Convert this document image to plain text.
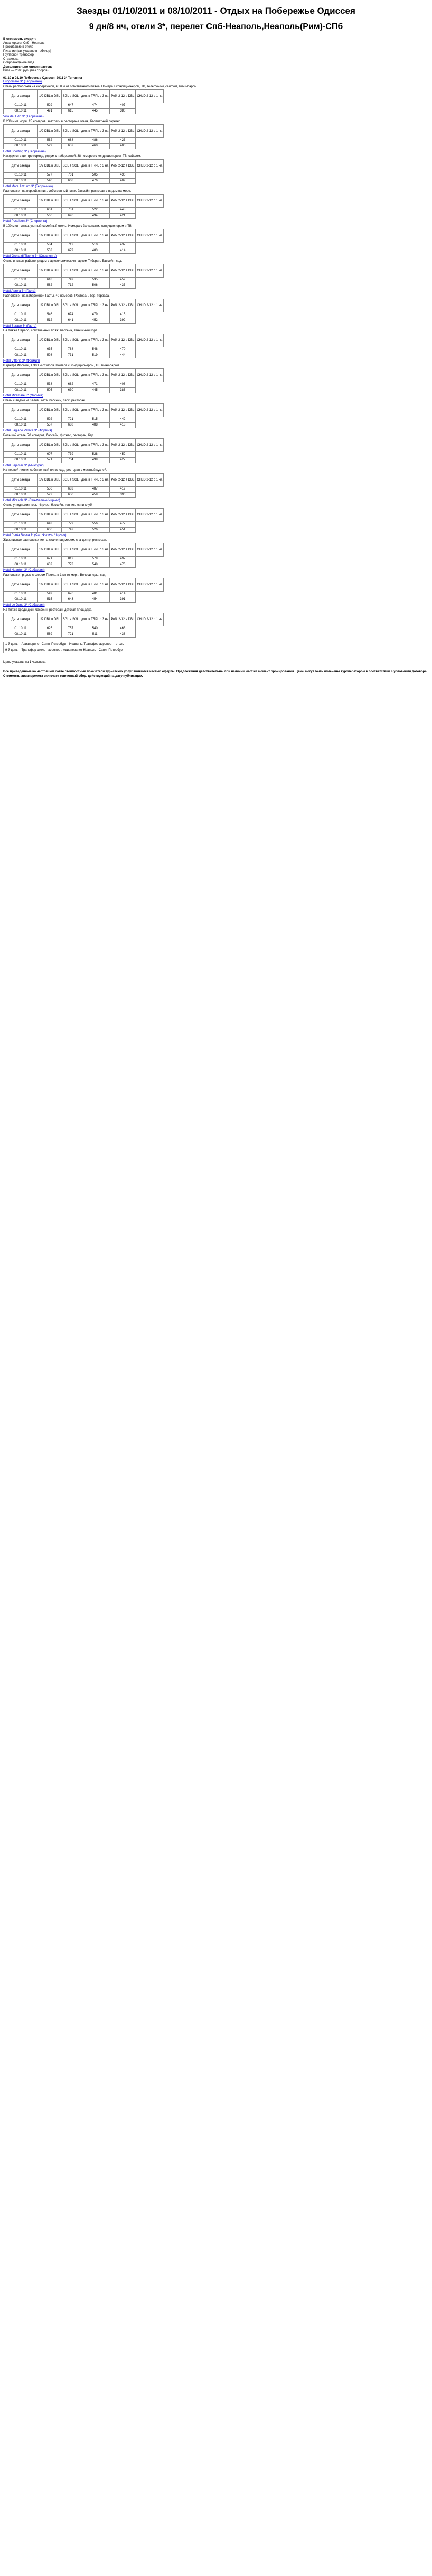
Заезды 01/10/2011 и 08/10/2011 - Отдых на Побережье Одиссея
9 дн/8 нч, отели 3*, перелет Спб-Неаполь,Неаполь(Рим)-СПб
В стоимость входит:
Авиаперелет Спб - Неаполь
Проживание в отеле
Питание (как указано в таблице)
Групповой трансфер
Страховка
Сопровождение гида
Дополнительно оплачивается:
Виза — 2000 руб. (без сборов)
01.10 и 08.10 Побережье Одиссея 2011 3* Terracina
Lungomare 3* (Террачина)
Отель расположен на набережной, в 50 м от собственного пляжа. Номера с кондиционером, ТВ, телефоном, сейфом, мини-баром.
Даты заезда	1/2 DBL в DBL	SGL в SGL	доп. в TRPL с 3 на	Реб. 2-12 в DBL	CHLD 2-12 с 1 на
01.10.11	529	647	474	407	
08.10.11	491	615	445	380	
Villa del Lido 3* (Террачина)
В 200 м от моря, 15 номеров, завтраки в ресторане отеля, бесплатный паркинг.
Даты заезда	1/2 DBL в DBL	SGL в SGL	доп. в TRPL с 3 на	Реб. 2-12 в DBL	CHLD 2-12 с 1 на
01.10.11	562	688	486	423	
08.10.11	529	652	460	400	
Hotel Sporting 3* (Террачина)
Находится в центре города, рядом с набережной. 38 номеров с кондиционером, ТВ, сейфом.
Даты заезда	1/2 DBL в DBL	SGL в SGL	доп. в TRPL с 3 на	Реб. 2-12 в DBL	CHLD 2-12 с 1 на
01.10.11	577	701	505	430	
08.10.11	540	668	476	409	
Hotel Mare Azzurro 3* (Террачина)
Расположен на первой линии, собственный пляж, бассейн, ресторан с видом на море.
Даты заезда	1/2 DBL в DBL	SGL в SGL	доп. в TRPL с 3 на	Реб. 2-12 в DBL	CHLD 2-12 с 1 на
01.10.11	601	731	522	448	
08.10.11	566	696	494	421	
Hotel Poseidon 3* (Сперлонга)
В 100 м от пляжа, уютный семейный отель. Номера с балконами, кондиционером и ТВ.
Даты заезда	1/2 DBL в DBL	SGL в SGL	доп. в TRPL с 3 на	Реб. 2-12 в DBL	CHLD 2-12 с 1 на
01.10.11	584	712	510	437	
08.10.11	553	679	483	414	
Hotel Grotta di Tiberio 3* (Сперлонга)
Отель в тихом районе, рядом с археологическим парком Тиберия. Бассейн, сад.
Даты заезда	1/2 DBL в DBL	SGL в SGL	доп. в TRPL с 3 на	Реб. 2-12 в DBL	CHLD 2-12 с 1 на
01.10.11	618	749	535	459	
08.10.11	582	712	506	433	
Hotel Aurora 3* (Гаэта)
Расположен на набережной Гаэты, 40 номеров. Ресторан, бар, терраса.
Даты заезда	1/2 DBL в DBL	SGL в SGL	доп. в TRPL с 3 на	Реб. 2-12 в DBL	CHLD 2-12 с 1 на
01.10.11	546	674	479	415	
08.10.11	512	641	452	392	
Hotel Serapo 3* (Гаэта)
На пляже Серапо, собственный пляж, бассейн, теннисный корт.
Даты заезда	1/2 DBL в DBL	SGL в SGL	доп. в TRPL с 3 на	Реб. 2-12 в DBL	CHLD 2-12 с 1 на
01.10.11	635	768	548	470	
08.10.11	598	731	519	444	
Hotel Vittoria 3* (Формия)
В центре Формии, в 300 м от моря. Номера с кондиционером, ТВ, мини-баром.
Даты заезда	1/2 DBL в DBL	SGL в SGL	доп. в TRPL с 3 на	Реб. 2-12 в DBL	CHLD 2-12 с 1 на
01.10.11	538	662	471	408	
08.10.11	505	630	445	386	
Hotel Miramare 3* (Формия)
Отель с видом на залив Гаэта, бассейн, парк, ресторан.
Даты заезда	1/2 DBL в DBL	SGL в SGL	доп. в TRPL с 3 на	Реб. 2-12 в DBL	CHLD 2-12 с 1 на
01.10.11	592	721	515	442	
08.10.11	557	688	488	418	
Hotel Fagiano Palace 3* (Формия)
Большой отель, 70 номеров, бассейн, фитнес, ресторан, бар.
Даты заезда	1/2 DBL в DBL	SGL в SGL	доп. в TRPL с 3 на	Реб. 2-12 в DBL	CHLD 2-12 с 1 на
01.10.11	607	739	528	452	
08.10.11	571	704	499	427	
Hotel Bajamar 3* (Минтурно)
На первой линии, собственный пляж, сад, ресторан с местной кухней.
Даты заезда	1/2 DBL в DBL	SGL в SGL	доп. в TRPL с 3 на	Реб. 2-12 в DBL	CHLD 2-12 с 1 на
01.10.11	556	683	487	419	
08.10.11	522	650	459	396	
Hotel Mirasole 3* (Сан-Феличе-Чирчео)
Отель у подножия горы Чирчео, бассейн, теннис, мини-клуб.
Даты заезда	1/2 DBL в DBL	SGL в SGL	доп. в TRPL с 3 на	Реб. 2-12 в DBL	CHLD 2-12 с 1 на
01.10.11	643	779	556	477	
08.10.11	606	742	526	451	
Hotel Punta Rossa 3* (Сан-Феличе-Чирчео)
Живописное расположение на скале над морем, спа-центр, ресторан.
Даты заезда	1/2 DBL в DBL	SGL в SGL	доп. в TRPL с 3 на	Реб. 2-12 в DBL	CHLD 2-12 с 1 на
01.10.11	671	812	579	497	
08.10.11	632	773	548	470	
Hotel Neanton 3* (Сабаудия)
Расположен рядом с озером Паола, в 1 км от моря. Велосипеды, сад.
Даты заезда	1/2 DBL в DBL	SGL в SGL	доп. в TRPL с 3 на	Реб. 2-12 в DBL	CHLD 2-12 с 1 на
01.10.11	549	676	481	414	
08.10.11	515	643	454	391	
Hotel Le Dune 3* (Сабаудия)
На пляже среди дюн, бассейн, ресторан, детская площадка.
Даты заезда	1/2 DBL в DBL	SGL в SGL	доп. в TRPL с 3 на	Реб. 2-12 в DBL	CHLD 2-12 с 1 на
01.10.11	625	757	540	463	
08.10.11	589	721	511	438	
1-й день	Авиаперелет Санкт-Петербург - Неаполь. Трансфер аэропорт - отель
9-й день	Трансфер отель - аэропорт. Авиаперелет Неаполь - Санкт-Петербург
Цены указаны на 1 человека
Все приведенные на настоящем сайте стоимостные показатели туристских услуг являются частью оферты. Предложения действительны при наличии мест на момент бронирования. Цены могут быть изменены туроператором в соответствии с условиями договора. Стоимость авиаперелета включает топливный сбор, действующий на дату публикации.
